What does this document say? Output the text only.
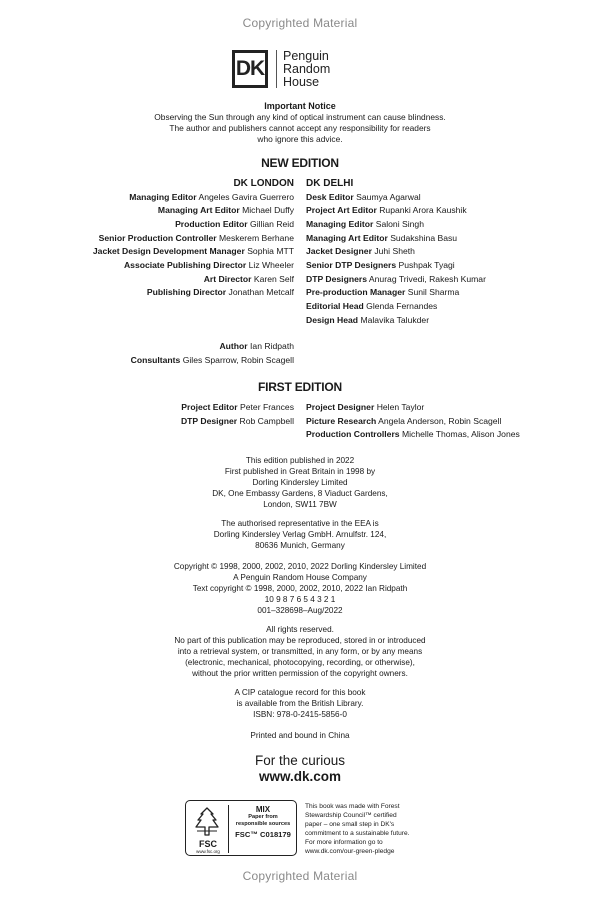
Copyrighted Material
DK
Penguin
Random
House
Important Notice
Observing the Sun through any kind of optical instrument can cause blindness.
The author and publishers cannot accept any responsibility for readers
who ignore this advice.
NEW EDITION
DK LONDON
Managing Editor Angeles Gavira Guerrero
Managing Art Editor Michael Duffy
Production Editor Gillian Reid
Senior Production Controller Meskerem Berhane
Jacket Design Development Manager Sophia MTT
Associate Publishing Director Liz Wheeler
Art Director Karen Self
Publishing Director Jonathan Metcalf
DK DELHI
Desk Editor Saumya Agarwal
Project Art Editor Rupanki Arora Kaushik
Managing Editor Saloni Singh
Managing Art Editor Sudakshina Basu
Jacket Designer Juhi Sheth
Senior DTP Designers Pushpak Tyagi
DTP Designers Anurag Trivedi, Rakesh Kumar
Pre-production Manager Sunil Sharma
Editorial Head Glenda Fernandes
Design Head Malavika Talukder
Author Ian Ridpath
Consultants Giles Sparrow, Robin Scagell
FIRST EDITION
Project Editor Peter Frances
DTP Designer Rob Campbell
Project Designer Helen Taylor
Picture Research Angela Anderson, Robin Scagell
Production Controllers Michelle Thomas, Alison Jones
This edition published in 2022
First published in Great Britain in 1998 by
Dorling Kindersley Limited
DK, One Embassy Gardens, 8 Viaduct Gardens,
London, SW11 7BW
The authorised representative in the EEA is
Dorling Kindersley Verlag GmbH. Arnulfstr. 124,
80636 Munich, Germany
Copyright © 1998, 2000, 2002, 2010, 2022 Dorling Kindersley Limited
A Penguin Random House Company
Text copyright © 1998, 2000, 2002, 2010, 2022 Ian Ridpath
10 9 8 7 6 5 4 3 2 1
001–328698–Aug/2022
All rights reserved.
No part of this publication may be reproduced, stored in or introduced
into a retrieval system, or transmitted, in any form, or by any means
(electronic, mechanical, photocopying, recording, or otherwise),
without the prior written permission of the copyright owners.
A CIP catalogue record for this book
is available from the British Library.
ISBN: 978-0-2415-5856-0
Printed and bound in China
For the curious
www.dk.com
FSC
www.fsc.org
MIX
Paper from
responsible sources
FSC™ C018179
This book was made with Forest
Stewardship Council™ certified
paper – one small step in DK's
commitment to a sustainable future.
For more information go to
www.dk.com/our-green-pledge
Copyrighted Material
